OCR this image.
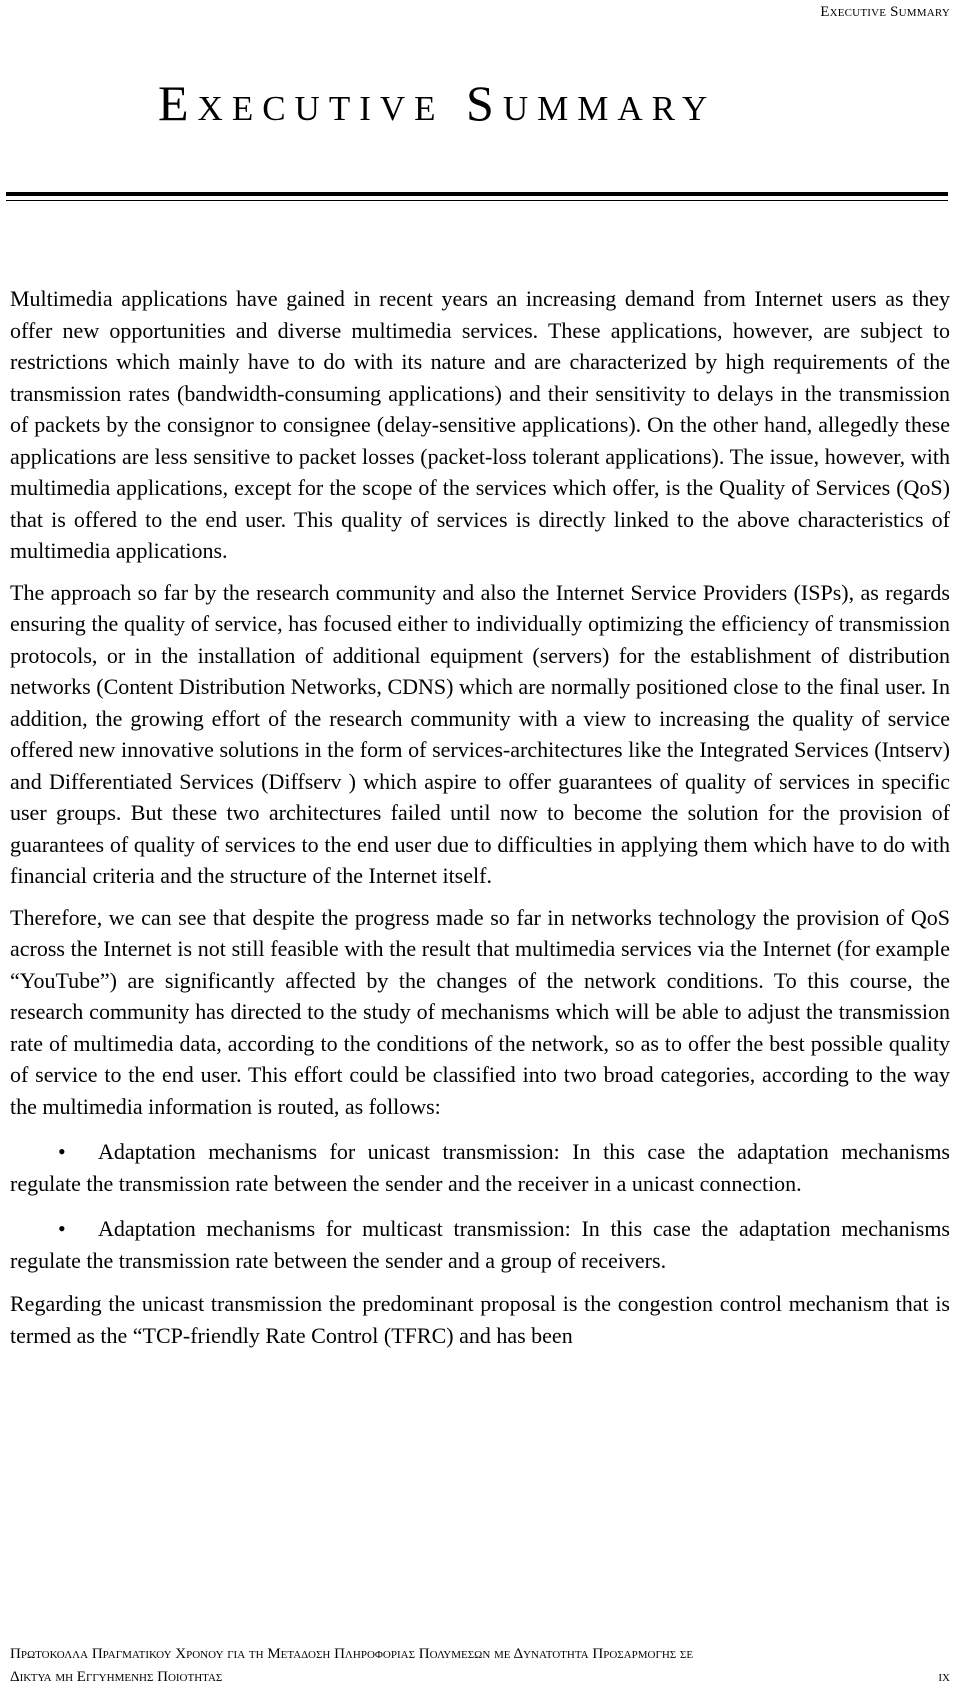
Executive Summary
Executive Summary

Multimedia applications have gained in recent years an increasing demand from Internet users as they offer new opportunities and diverse multimedia services. These applications, however, are subject to restrictions which mainly have to do with its nature and are characterized by high requirements of the transmission rates (bandwidth-consuming applications) and their sensitivity to delays in the transmission of packets by the consignor to consignee (delay-sensitive applications). On the other hand, allegedly these applications are less sensitive to packet losses (packet-loss tolerant applications). The issue, however, with multimedia applications, except for the scope of the services which offer, is the Quality of Services (QoS) that is offered to the end user. This quality of services is directly linked to the above characteristics of multimedia applications.

The approach so far by the research community and also the Internet Service Providers (ISPs), as regards ensuring the quality of service, has focused either to individually optimizing the efficiency of transmission protocols, or in the installation of additional equipment (servers) for the establishment of distribution networks (Content Distribution Networks, CDNS) which are normally positioned close to the final user. In addition, the growing effort of the research community with a view to increasing the quality of service offered new innovative solutions in the form of services-architectures like the Integrated Services (Intserv) and Differentiated Services (Diffserv ) which aspire to offer guarantees of quality of services in specific user groups. But these two architectures failed until now to become the solution for the provision of guarantees of quality of services to the end user due to difficulties in applying them which have to do with financial criteria and the structure of the Internet itself.

Therefore, we can see that despite the progress made so far in networks technology the provision of QoS across the Internet is not still feasible with the result that multimedia services via the Internet (for example “YouTube”) are significantly affected by the changes of the network conditions. To this course, the research community has directed to the study of mechanisms which will be able to adjust the transmission rate of multimedia data, according to the conditions of the network, so as to offer the best possible quality of service to the end user. This effort could be classified into two broad categories, according to the way the multimedia information is routed, as follows:

• Adaptation mechanisms for unicast transmission: In this case the adaptation mechanisms regulate the transmission rate between the sender and the receiver in a unicast connection.
• Adaptation mechanisms for multicast transmission: In this case the adaptation mechanisms regulate the transmission rate between the sender and a group of receivers.

Regarding the unicast transmission the predominant proposal is the congestion control mechanism that is termed as the “TCP-friendly Rate Control (TFRC) and has been

Πρωτοκολλα Πραγματικου Χρονου για τη Μεταδοση Πληροφοριας Πολυμεσων με Δυνατοτητα Προσαρμογης σε
Δικτυα μη Εγγυημενης Ποιοτητας	ix
